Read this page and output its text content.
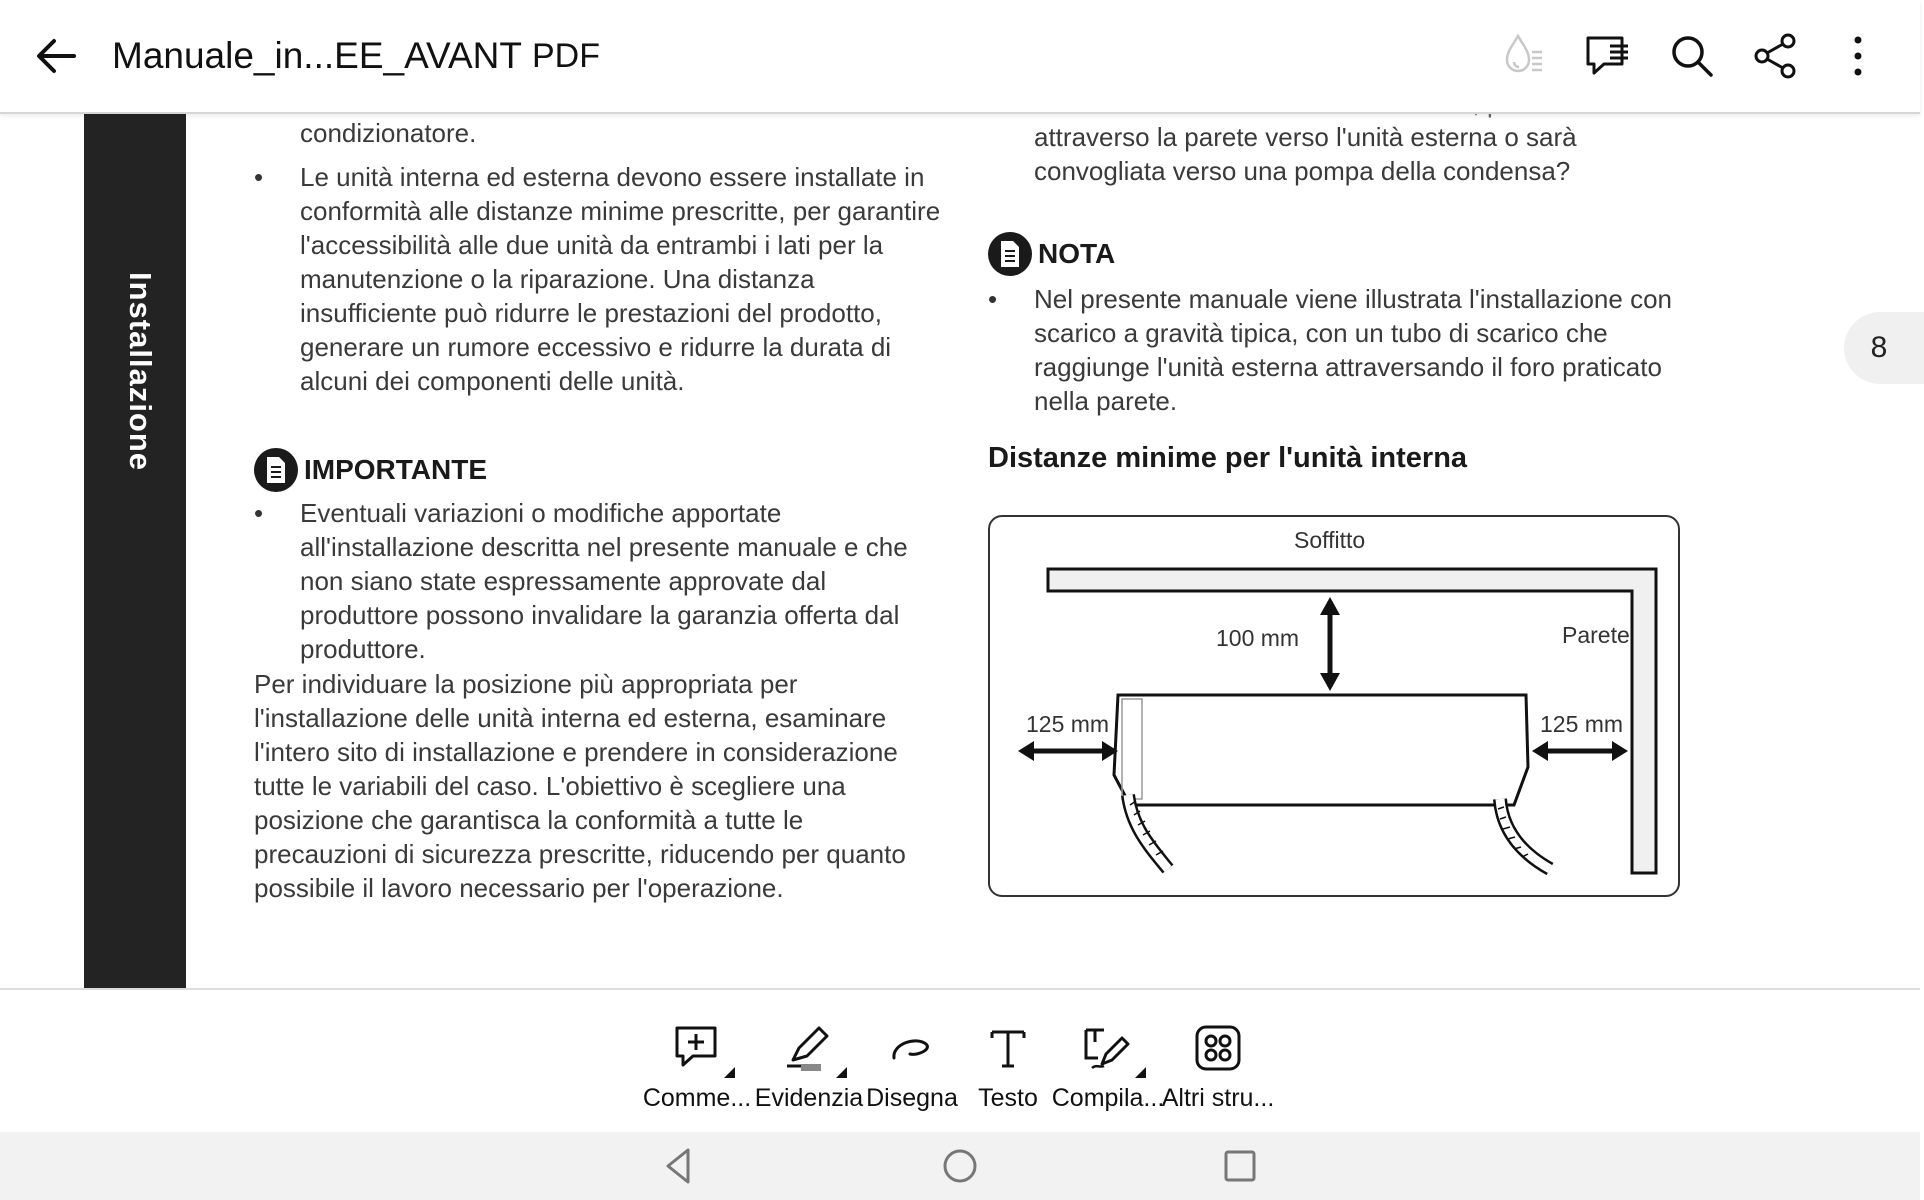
Manuale_in...EE_AVANT PDF
Installazione

condizionatore.

• Le unità interna ed esterna devono essere installate in conformità alle distanze minime prescritte, per garantire l'accessibilità alle due unità da entrambi i lati per la manutenzione o la riparazione. Una distanza insufficiente può ridurre le prestazioni del prodotto, generare un rumore eccessivo e ridurre la durata di alcuni dei componenti delle unità.

IMPORTANTE

• Eventuali variazioni o modifiche apportate all'installazione descritta nel presente manuale e che non siano state espressamente approvate dal produttore possono invalidare la garanzia offerta dal produttore.

Per individuare la posizione più appropriata per l'installazione delle unità interna ed esterna, esaminare l'intero sito di installazione e prendere in considerazione tutte le variabili del caso. L'obiettivo è scegliere una posizione che garantisca la conformità a tutte le precauzioni di sicurezza prescritte, riducendo per quanto possibile il lavoro necessario per l'operazione.

attraverso la parete verso l'unità esterna o sarà convogliata verso una pompa della condensa?

NOTA

• Nel presente manuale viene illustrata l'installazione con scarico a gravità tipica, con un tubo di scarico che raggiunge l'unità esterna attraversando il foro praticato nella parete.

Distanze minime per l'unità interna
Soffitto
Parete
100 mm
125 mm	125 mm
8
Comme... Evidenzia Disegna Testo Compila...
Altri stru...
